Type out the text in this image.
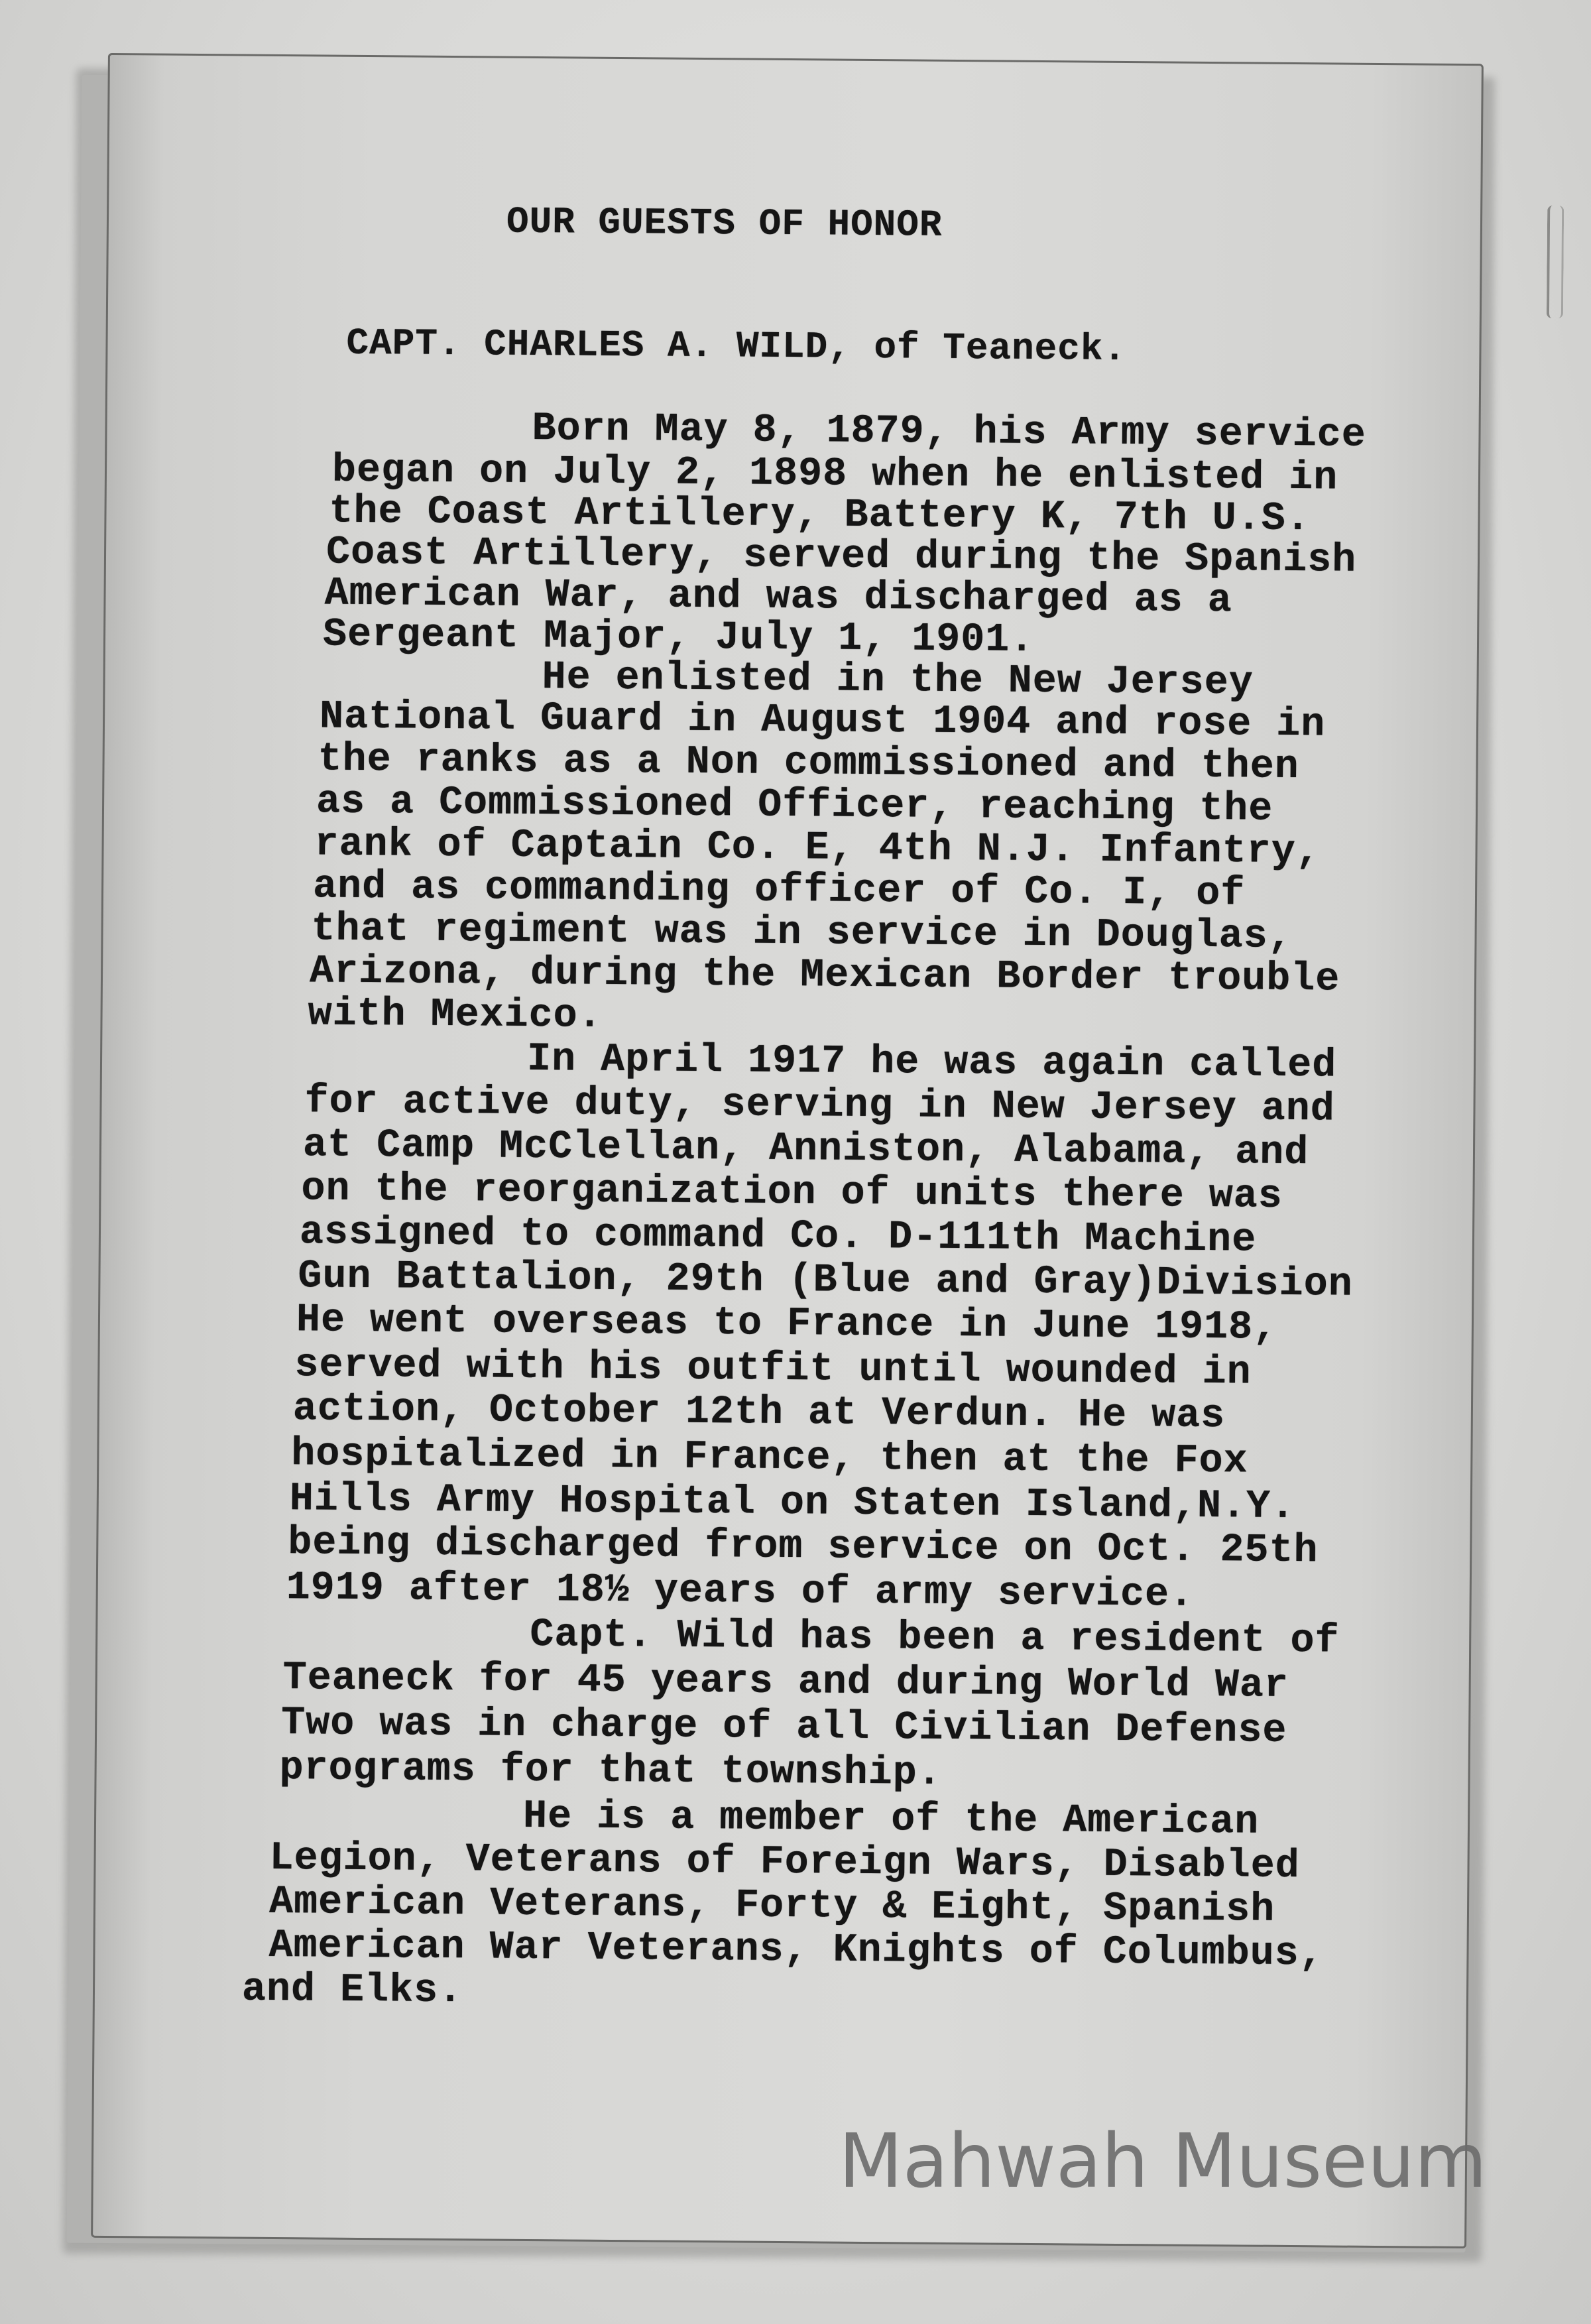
OUR GUESTS OF HONOR
CAPT. CHARLES A. WILD, of Teaneck.
Born May 8, 1879, his Army service
began on July 2, 1898 when he enlisted in
the Coast Artillery, Battery K, 7th U.S.
Coast Artillery, served during the Spanish
American War, and was discharged as a
Sergeant Major, July 1, 1901.
He enlisted in the New Jersey
National Guard in August 1904 and rose in
the ranks as a Non commissioned and then
as a Commissioned Officer, reaching the
rank of Captain Co. E, 4th N.J. Infantry,
and as commanding officer of Co. I, of
that regiment was in service in Douglas,
Arizona, during the Mexican Border trouble
with Mexico.
In April 1917 he was again called
for active duty, serving in New Jersey and
at Camp McClellan, Anniston, Alabama, and
on the reorganization of units there was
assigned to command Co. D-111th Machine
Gun Battalion, 29th (Blue and Gray)Division
He went overseas to France in June 1918,
served with his outfit until wounded in
action, October 12th at Verdun. He was
hospitalized in France, then at the Fox
Hills Army Hospital on Staten Island,N.Y.
being discharged from service on Oct. 25th
1919 after 18½ years of army service.
Capt. Wild has been a resident of
Teaneck for 45 years and during World War
Two was in charge of all Civilian Defense
programs for that township.
He is a member of the American
Legion, Veterans of Foreign Wars, Disabled
American Veterans, Forty & Eight, Spanish
American War Veterans, Knights of Columbus,
and Elks.
Mahwah Museum
